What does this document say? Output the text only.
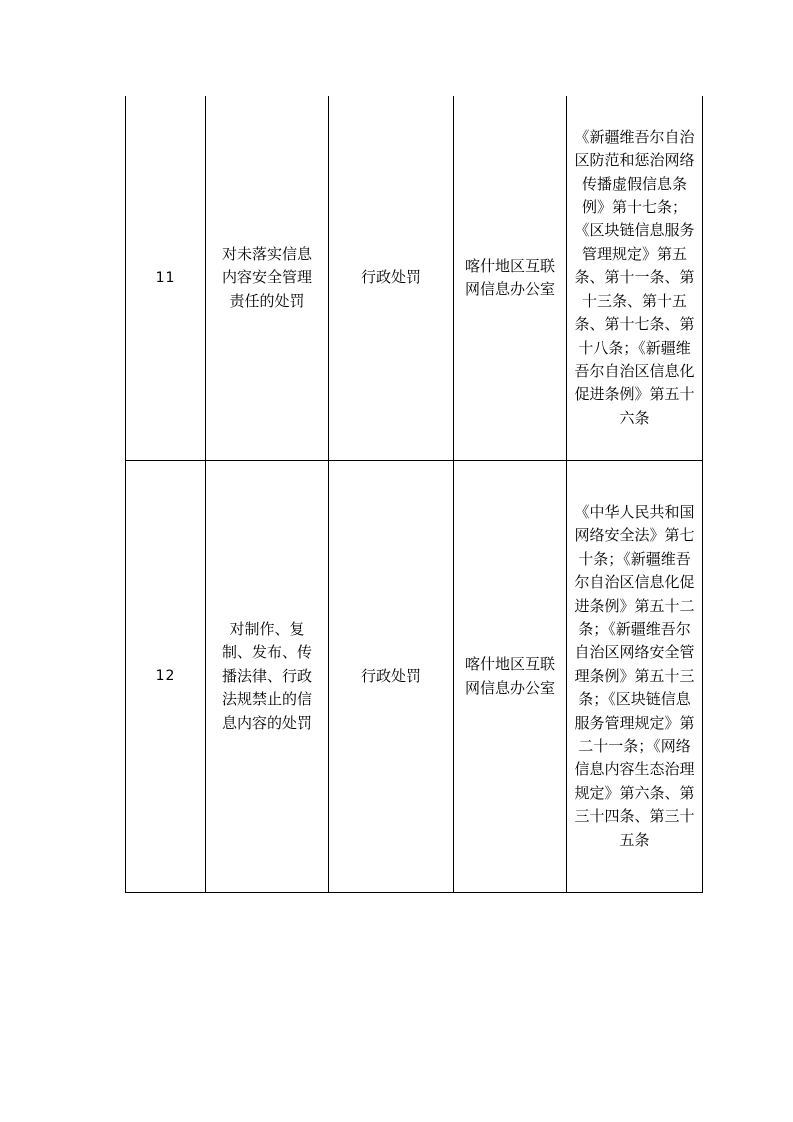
11	对未落实信息内容安全管理责任的处罚	行政处罚	喀什地区互联网信息办公室	《新疆维吾尔自治区防范和惩治网络传播虚假信息条例》第十七条；《区块链信息服务管理规定》第五条、第十一条、第十三条、第十五条、第十七条、第十八条；《新疆维吾尔自治区信息化促进条例》第五十六条
12	对制作、复制、发布、传播法律、行政法规禁止的信息内容的处罚	行政处罚	喀什地区互联网信息办公室	《中华人民共和国网络安全法》第七十条；《新疆维吾尔自治区信息化促进条例》第五十二条；《新疆维吾尔自治区网络安全管理条例》第五十三条；《区块链信息服务管理规定》第二十一条；《网络信息内容生态治理规定》第六条、第三十四条、第三十五条
